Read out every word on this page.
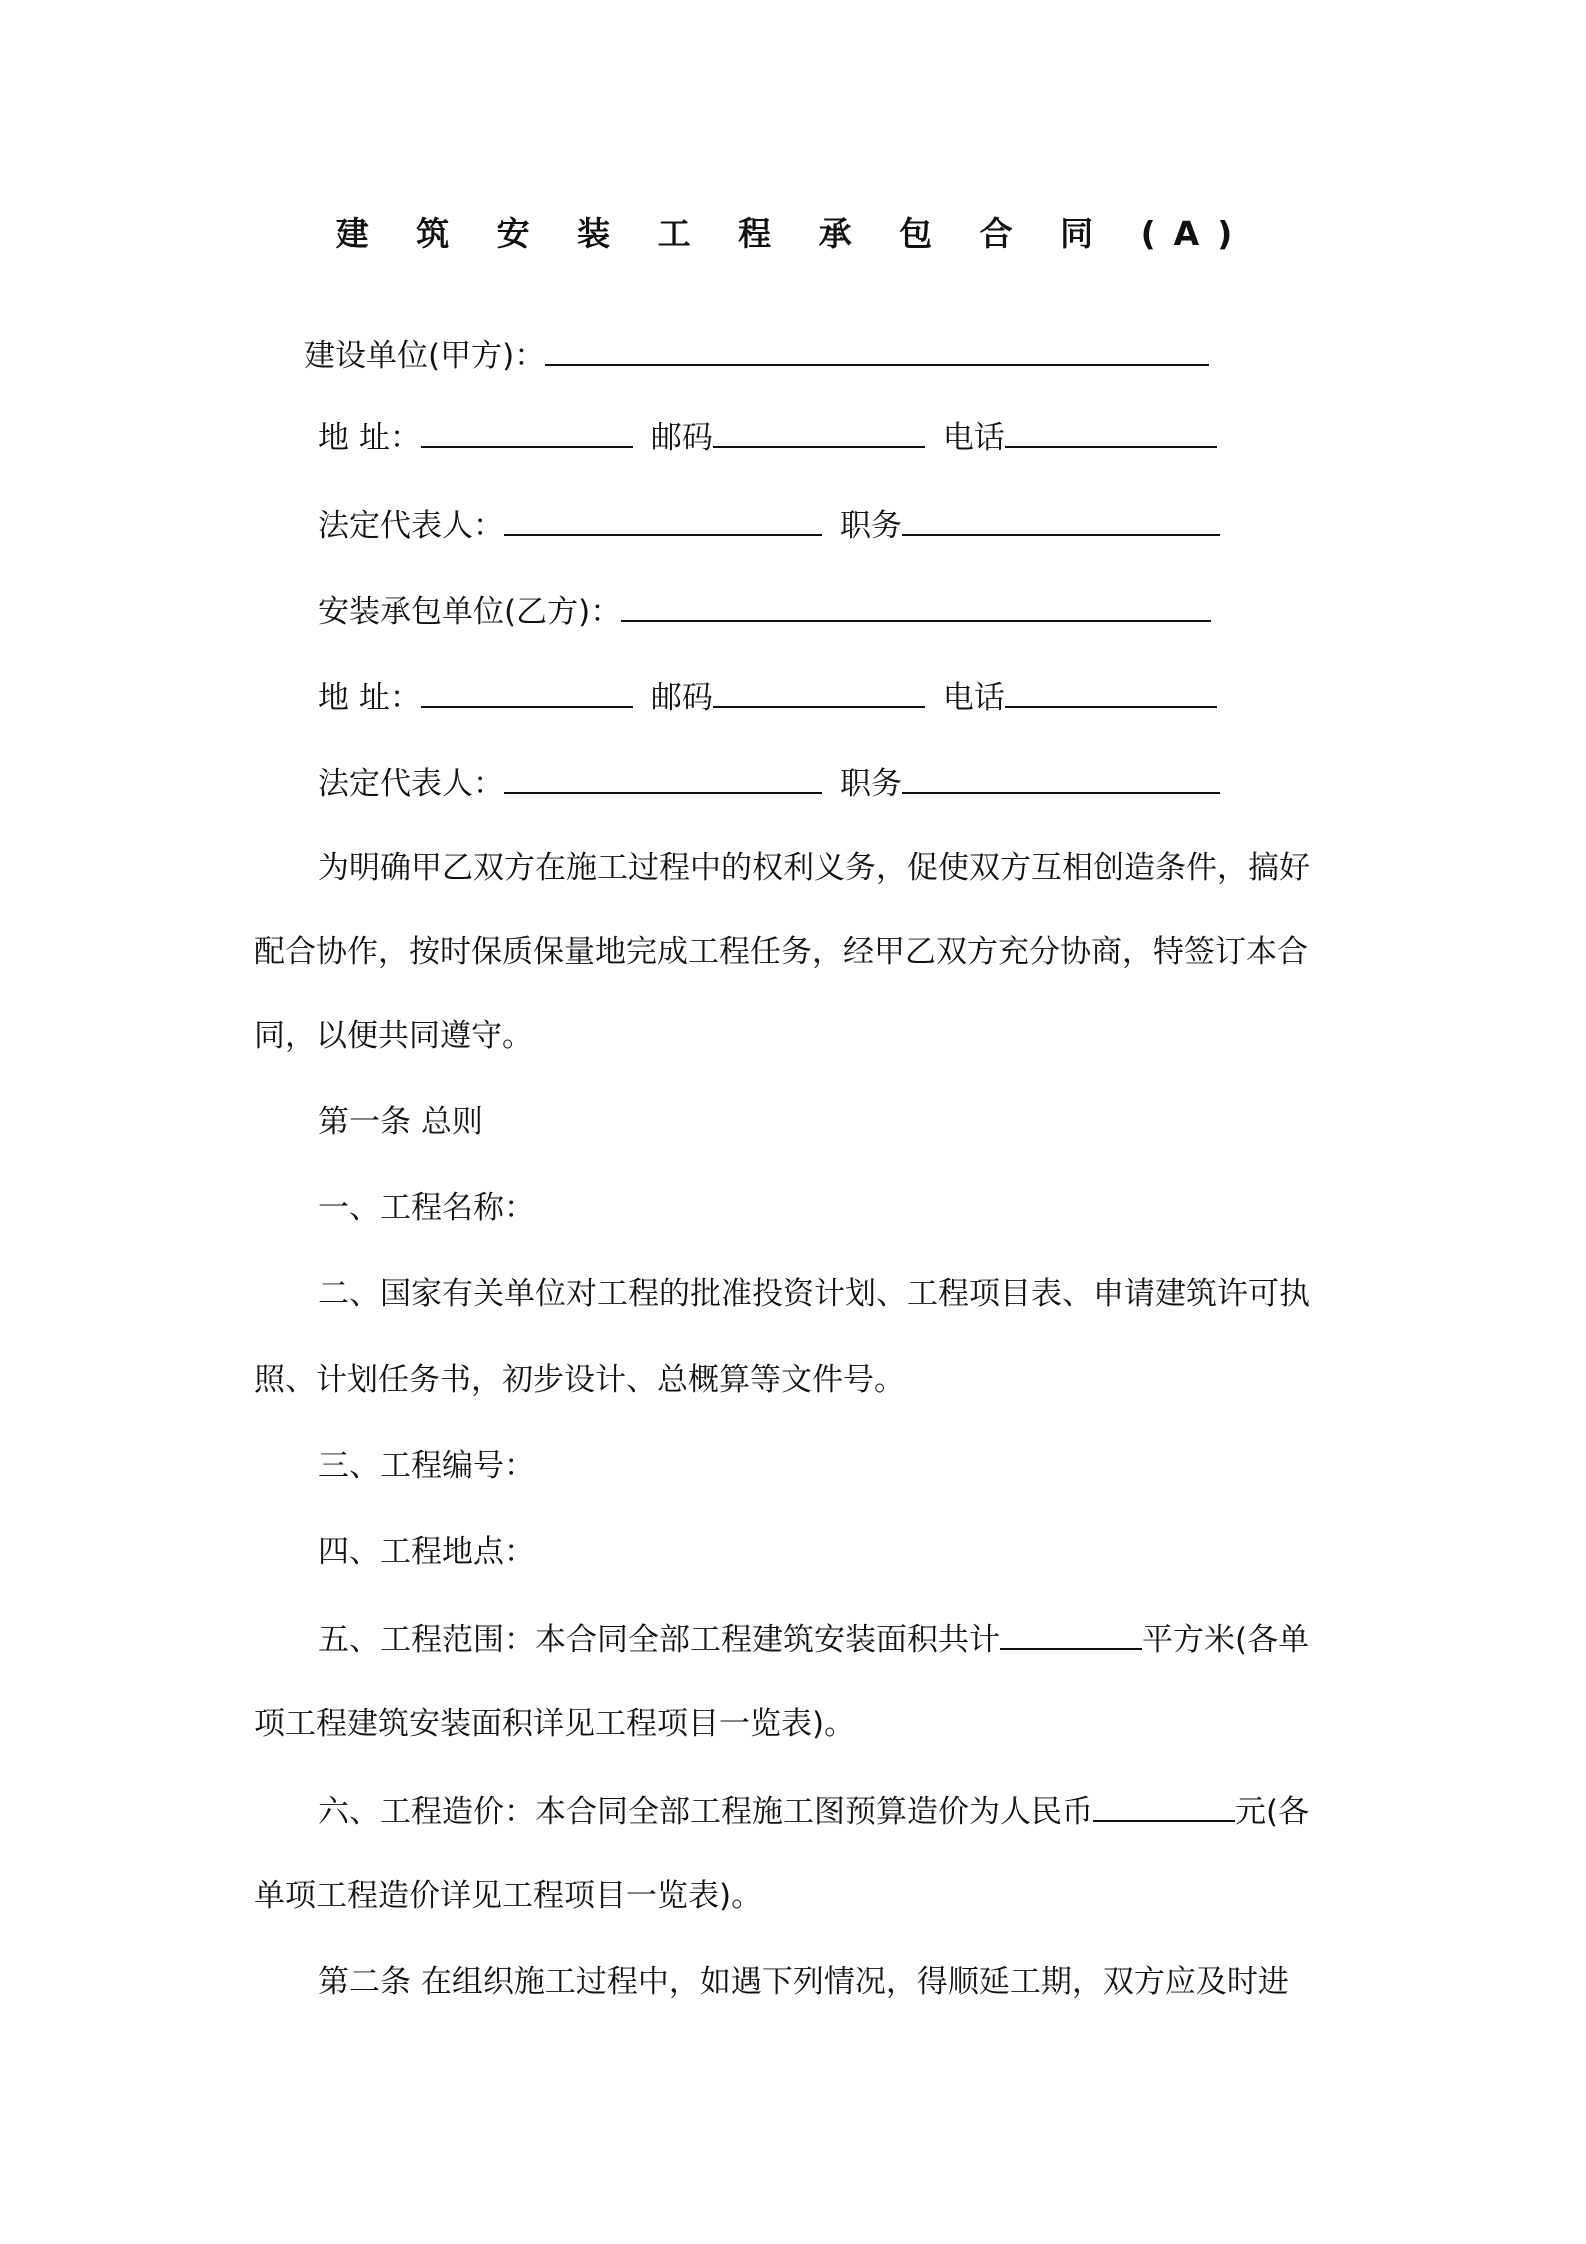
建 筑 安 装 工 程 承 包 合 同 (A)
建设单位(甲方)：
地 址：	邮码	电话
法定代表人：	职务
安装承包单位(乙方)：
地 址：	邮码	电话
法定代表人：	职务
为明确甲乙双方在施工过程中的权利义务，促使双方互相创造条件，搞好
配合协作，按时保质保量地完成工程任务，经甲乙双方充分协商，特签订本合
同，以便共同遵守。
第一条 总则
一、工程名称：
二、国家有关单位对工程的批准投资计划、工程项目表、申请建筑许可执
照、计划任务书，初步设计、总概算等文件号。
三、工程编号：
四、工程地点：
五、工程范围：本合同全部工程建筑安装面积共计	平方米(各单
项工程建筑安装面积详见工程项目一览表)。
六、工程造价：本合同全部工程施工图预算造价为人民币	元(各
单项工程造价详见工程项目一览表)。
第二条 在组织施工过程中，如遇下列情况，得顺延工期，双方应及时进
